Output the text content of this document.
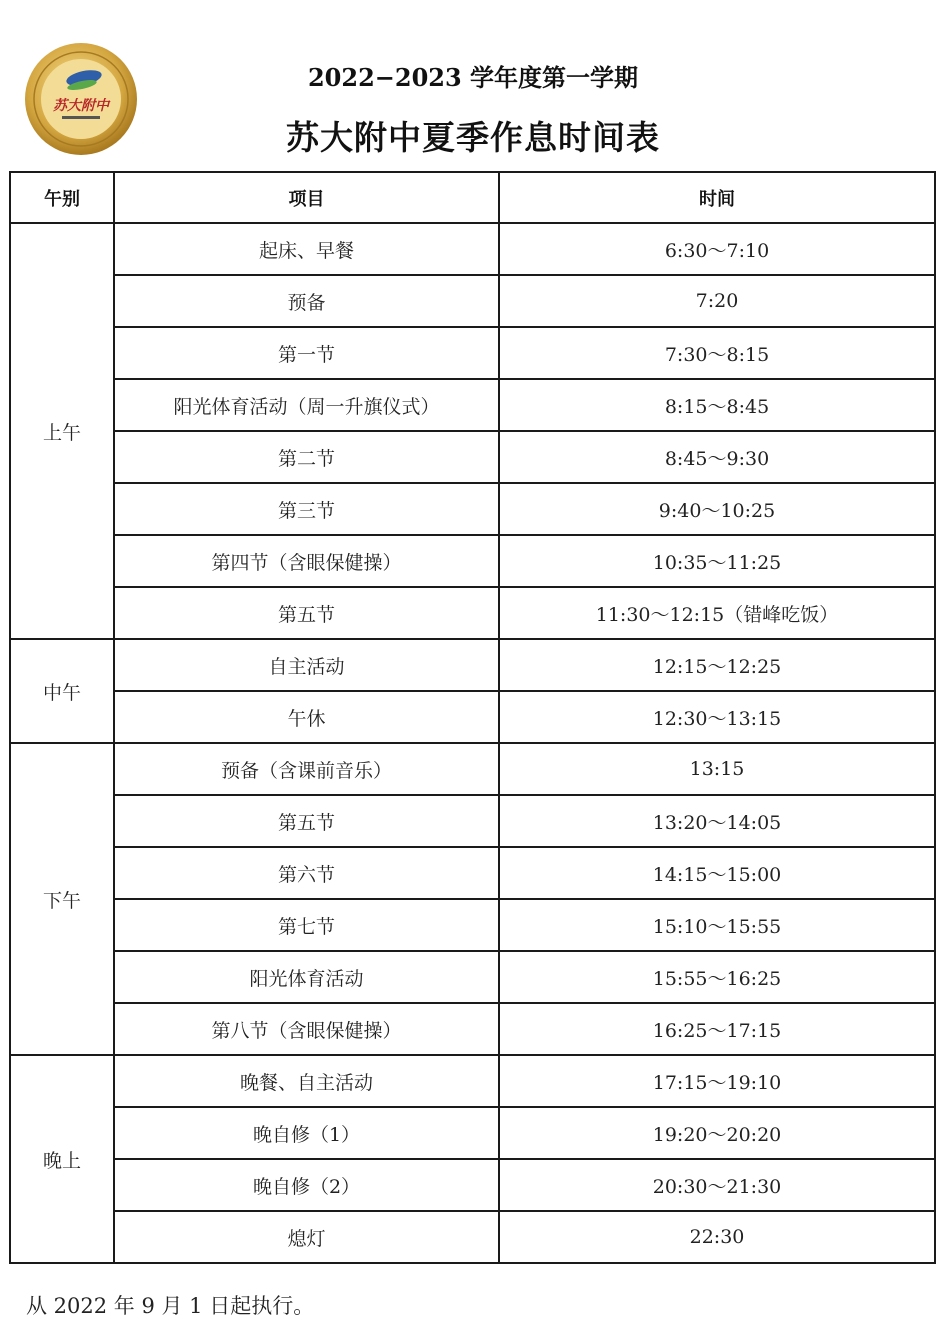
苏大附中
2022−2023 学年度第一学期
苏大附中夏季作息时间表
午别	项目	时间
上午	起床、早餐	6:30～7:10
	预备	7:20
	第一节	7:30～8:15
	阳光体育活动（周一升旗仪式）	8:15～8:45
	第二节	8:45～9:30
	第三节	9:40～10:25
	第四节（含眼保健操）	10:35～11:25
	第五节	11:30～12:15（错峰吃饭）
中午	自主活动	12:15～12:25
	午休	12:30～13:15
下午	预备（含课前音乐）	13:15
	第五节	13:20～14:05
	第六节	14:15～15:00
	第七节	15:10～15:55
	阳光体育活动	15:55～16:25
	第八节（含眼保健操）	16:25～17:15
晚上	晚餐、自主活动	17:15～19:10
	晚自修（1）	19:20～20:20
	晚自修（2）	20:30～21:30
	熄灯	22:30
从 2022 年 9 月 1 日起执行。
